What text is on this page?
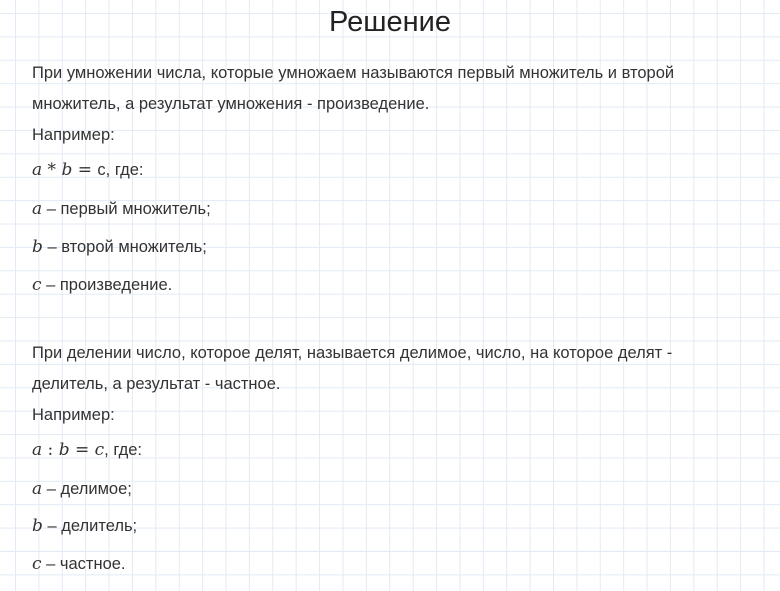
Решение
При умножении числа, которые умножаем называются первый множитель и второй
множитель, а результат умножения - произведение.
Например:
a * b = с, где:
a – первый множитель;
b – второй множитель;
c – произведение.
При делении число, которое делят, называется делимое, число, на которое делят -
делитель, а результат - частное.
Например:
a : b = c, где:
a – делимое;
b – делитель;
c – частное.
